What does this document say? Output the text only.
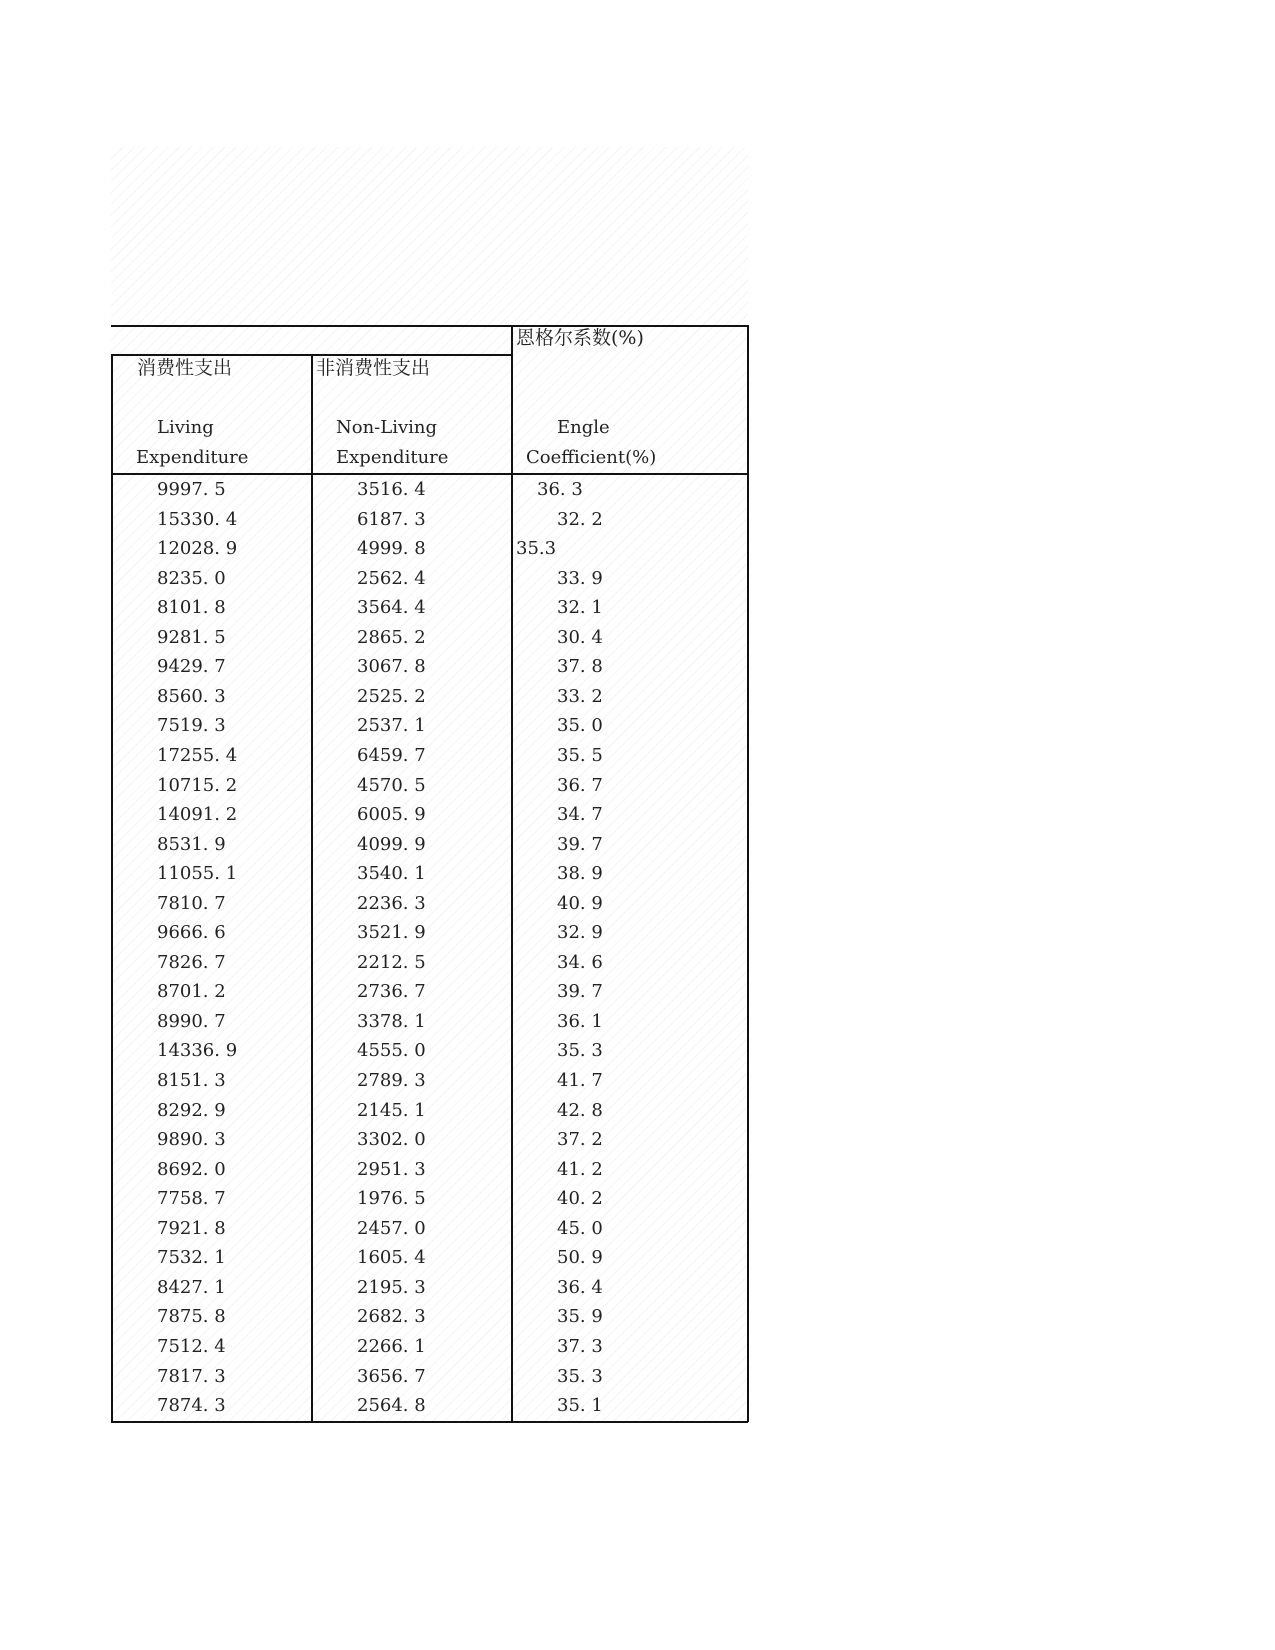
恩格尔系数(%)
消费性支出	非消费性支出
Living	Non-Living	Engle
Expenditure	Expenditure	Coefficient(%)
9997. 5	3516. 4	36. 3
15330. 4	6187. 3	32. 2
12028. 9	4999. 8	35.3
8235. 0	2562. 4	33. 9
8101. 8	3564. 4	32. 1
9281. 5	2865. 2	30. 4
9429. 7	3067. 8	37. 8
8560. 3	2525. 2	33. 2
7519. 3	2537. 1	35. 0
17255. 4	6459. 7	35. 5
10715. 2	4570. 5	36. 7
14091. 2	6005. 9	34. 7
8531. 9	4099. 9	39. 7
11055. 1	3540. 1	38. 9
7810. 7	2236. 3	40. 9
9666. 6	3521. 9	32. 9
7826. 7	2212. 5	34. 6
8701. 2	2736. 7	39. 7
8990. 7	3378. 1	36. 1
14336. 9	4555. 0	35. 3
8151. 3	2789. 3	41. 7
8292. 9	2145. 1	42. 8
9890. 3	3302. 0	37. 2
8692. 0	2951. 3	41. 2
7758. 7	1976. 5	40. 2
7921. 8	2457. 0	45. 0
7532. 1	1605. 4	50. 9
8427. 1	2195. 3	36. 4
7875. 8	2682. 3	35. 9
7512. 4	2266. 1	37. 3
7817. 3	3656. 7	35. 3
7874. 3	2564. 8	35. 1
